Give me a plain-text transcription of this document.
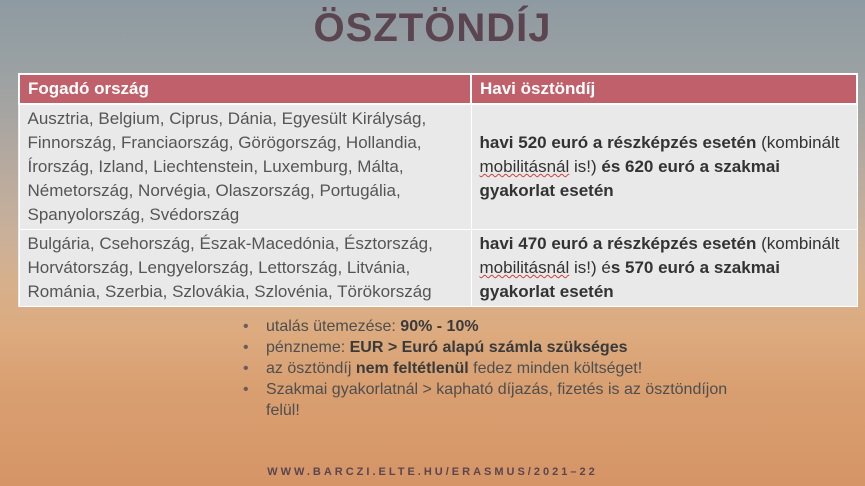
ÖSZTÖNDÍJ
Fogadó ország	Havi ösztöndíj
Ausztria, Belgium, Ciprus, Dánia, Egyesült Királyság, Finnország, Franciaország, Görögország, Hollandia, Írország, Izland, Liechtenstein, Luxemburg, Málta, Németország, Norvégia, Olaszország, Portugália, Spanyolország, Svédország	havi 520 euró a részképzés esetén (kombinált mobilitásnál is!) és 620 euró a szakmai gyakorlat esetén
Bulgária, Csehország, Észak-Macedónia, Észtország, Horvátország, Lengyelország, Lettország, Litvánia, Románia, Szerbia, Szlovákia, Szlovénia, Törökország	havi 470 euró a részképzés esetén (kombinált mobilitásnál is!) és 570 euró a szakmai gyakorlat esetén
• utalás ütemezése: 90% - 10%
• pénzneme: EUR > Euró alapú számla szükséges
• az ösztöndíj nem feltétlenül fedez minden költséget!
• Szakmai gyakorlatnál > kapható díjazás, fizetés is az ösztöndíjon felül!
WWW.BARCZI.ELTE.HU/ERASMUS/2021–22
